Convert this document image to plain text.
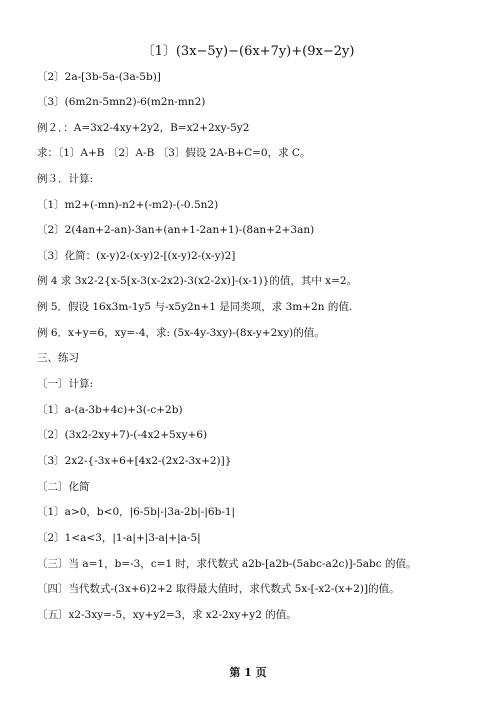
〔1〕(3x−5y)−(6x+7y)+(9x−2y)
〔2〕2a-[3b-5a-(3a-5b)]
〔3〕(6m2n-5mn2)-6(m2n-mn2)
例２．：A=3x2-4xy+2y2，B=x2+2xy-5y2
求：〔1〕A+B 〔2〕A-B 〔3〕假设 2A-B+C=0，求 C。
例３．计算:
〔1〕m2+(-mn)-n2+(-m2)-(-0.5n2)
〔2〕2(4an+2-an)-3an+(an+1-2an+1)-(8an+2+3an)
〔3〕化简：(x-y)2-(x-y)2-[(x-y)2-(x-y)2]
例 4 求 3x2-2{x-5[x-3(x-2x2)-3(x2-2x)]-(x-1)}的值，其中 x=2。
例 5．假设 16x3m-1y5 与-x5y2n+1 是同类项，求 3m+2n 的值.
例 6．x+y=6，xy=-4，求: (5x-4y-3xy)-(8x-y+2xy)的值。
三、练习
〔一〕计算:
〔1〕a-(a-3b+4c)+3(-c+2b)
〔2〕(3x2-2xy+7)-(-4x2+5xy+6)
〔3〕2x2-{-3x+6+[4x2-(2x2-3x+2)]}
〔二〕化简
〔1〕a>0，b<0，|6-5b|-|3a-2b|-|6b-1|
〔2〕1<a<3，|1-a|+|3-a|+|a-5|
〔三〕当 a=1，b=-3，c=1 时，求代数式 a2b-[a2b-(5abc-a2c)]-5abc 的值。
〔四〕当代数式-(3x+6)2+2 取得最大值时，求代数式 5x-[-x2-(x+2)]的值。
〔五〕x2-3xy=-5，xy+y2=3，求 x2-2xy+y2 的值。
第 1 页
